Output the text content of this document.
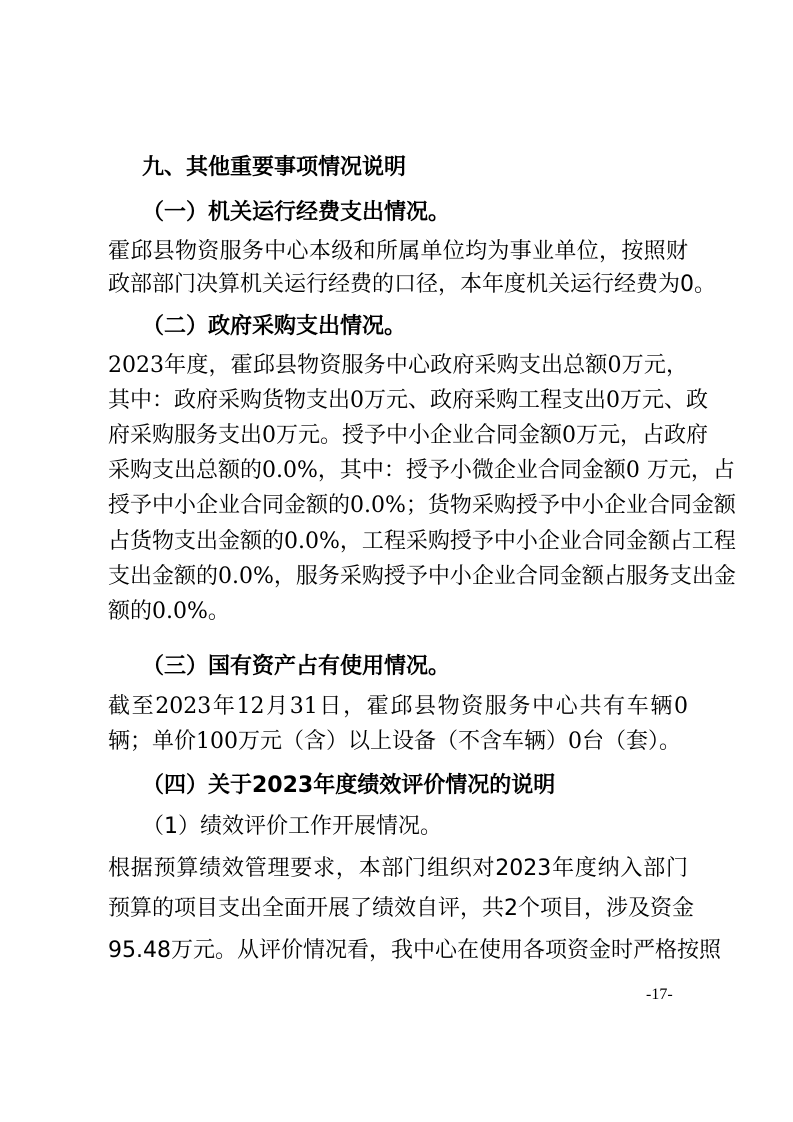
九、其他重要事项情况说明
（一）机关运行经费支出情况。
霍邱县物资服务中心本级和所属单位均为事业单位，按照财
政部部门决算机关运行经费的口径，本年度机关运行经费为0。
（二）政府采购支出情况。
2023年度，霍邱县物资服务中心政府采购支出总额0万元，
其中：政府采购货物支出0万元、政府采购工程支出0万元、政
府采购服务支出0万元。授予中小企业合同金额0万元，占政府
采购支出总额的0.0%，其中：授予小微企业合同金额0 万元，占
授予中小企业合同金额的0.0%；货物采购授予中小企业合同金额
占货物支出金额的0.0%，工程采购授予中小企业合同金额占工程
支出金额的0.0%，服务采购授予中小企业合同金额占服务支出金
额的0.0%。
（三）国有资产占有使用情况。
截至2023年12月31日，霍邱县物资服务中心共有车辆0
辆；单价100万元（含）以上设备（不含车辆）0台（套）。
（四）关于2023年度绩效评价情况的说明
（1）绩效评价工作开展情况。
根据预算绩效管理要求，本部门组织对2023年度纳入部门
预算的项目支出全面开展了绩效自评，共2个项目，涉及资金
95.48万元。从评价情况看，我中心在使用各项资金时严格按照
-17-
